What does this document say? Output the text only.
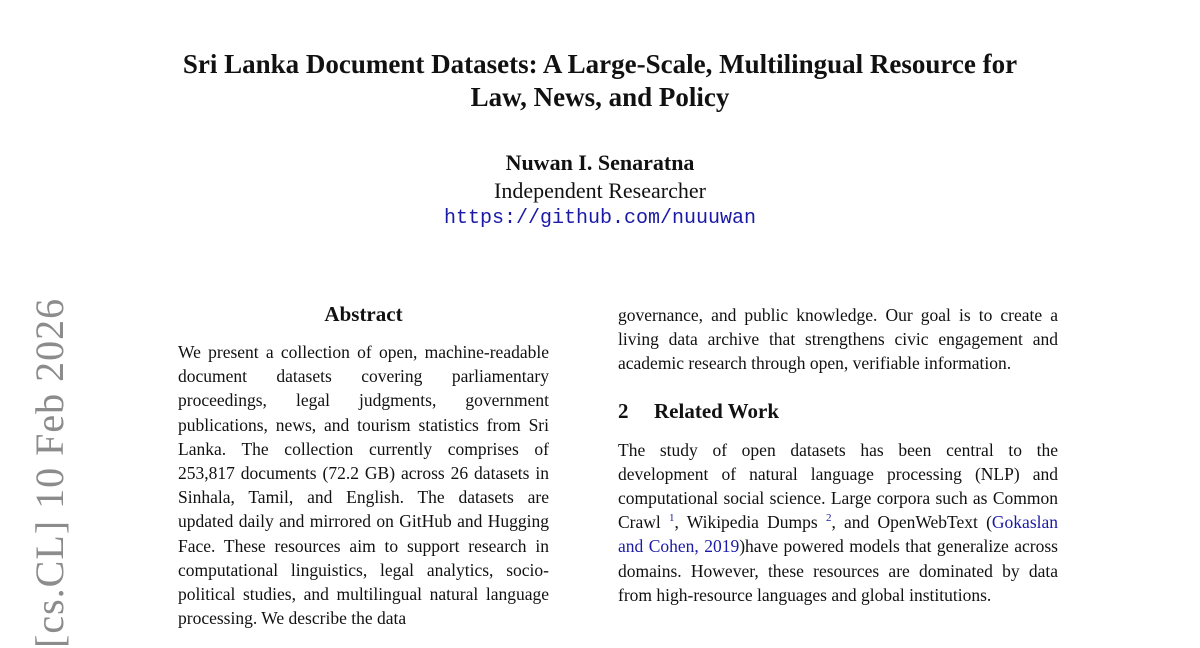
[cs.CL] 10 Feb 2026
Sri Lanka Document Datasets: A Large-Scale, Multilingual Resource for
Law, News, and Policy
Nuwan I. Senaratna
Independent Researcher
https://github.com/nuuuwan
Abstract

We present a collection of open, machine-readable document datasets covering parliamentary proceedings, legal judgments, government publications, news, and tourism statistics from Sri Lanka. The collection currently comprises of 253,817 documents (72.2 GB) across 26 datasets in Sinhala, Tamil, and English. The datasets are updated daily and mirrored on GitHub and Hugging Face. These resources aim to support research in computational linguistics, legal analytics, socio-political studies, and multilingual natural language processing. We describe the data

governance, and public knowledge. Our goal is to create a living data archive that strengthens civic engagement and academic research through open, verifiable information.

2 Related Work

The study of open datasets has been central to the development of natural language processing (NLP) and computational social science. Large corpora such as Common Crawl $^1$, Wikipedia Dumps $^2$, and OpenWebText (Gokaslan and Cohen, 2019)have powered models that generalize across domains. However, these resources are dominated by data from high-resource languages and global institutions.
